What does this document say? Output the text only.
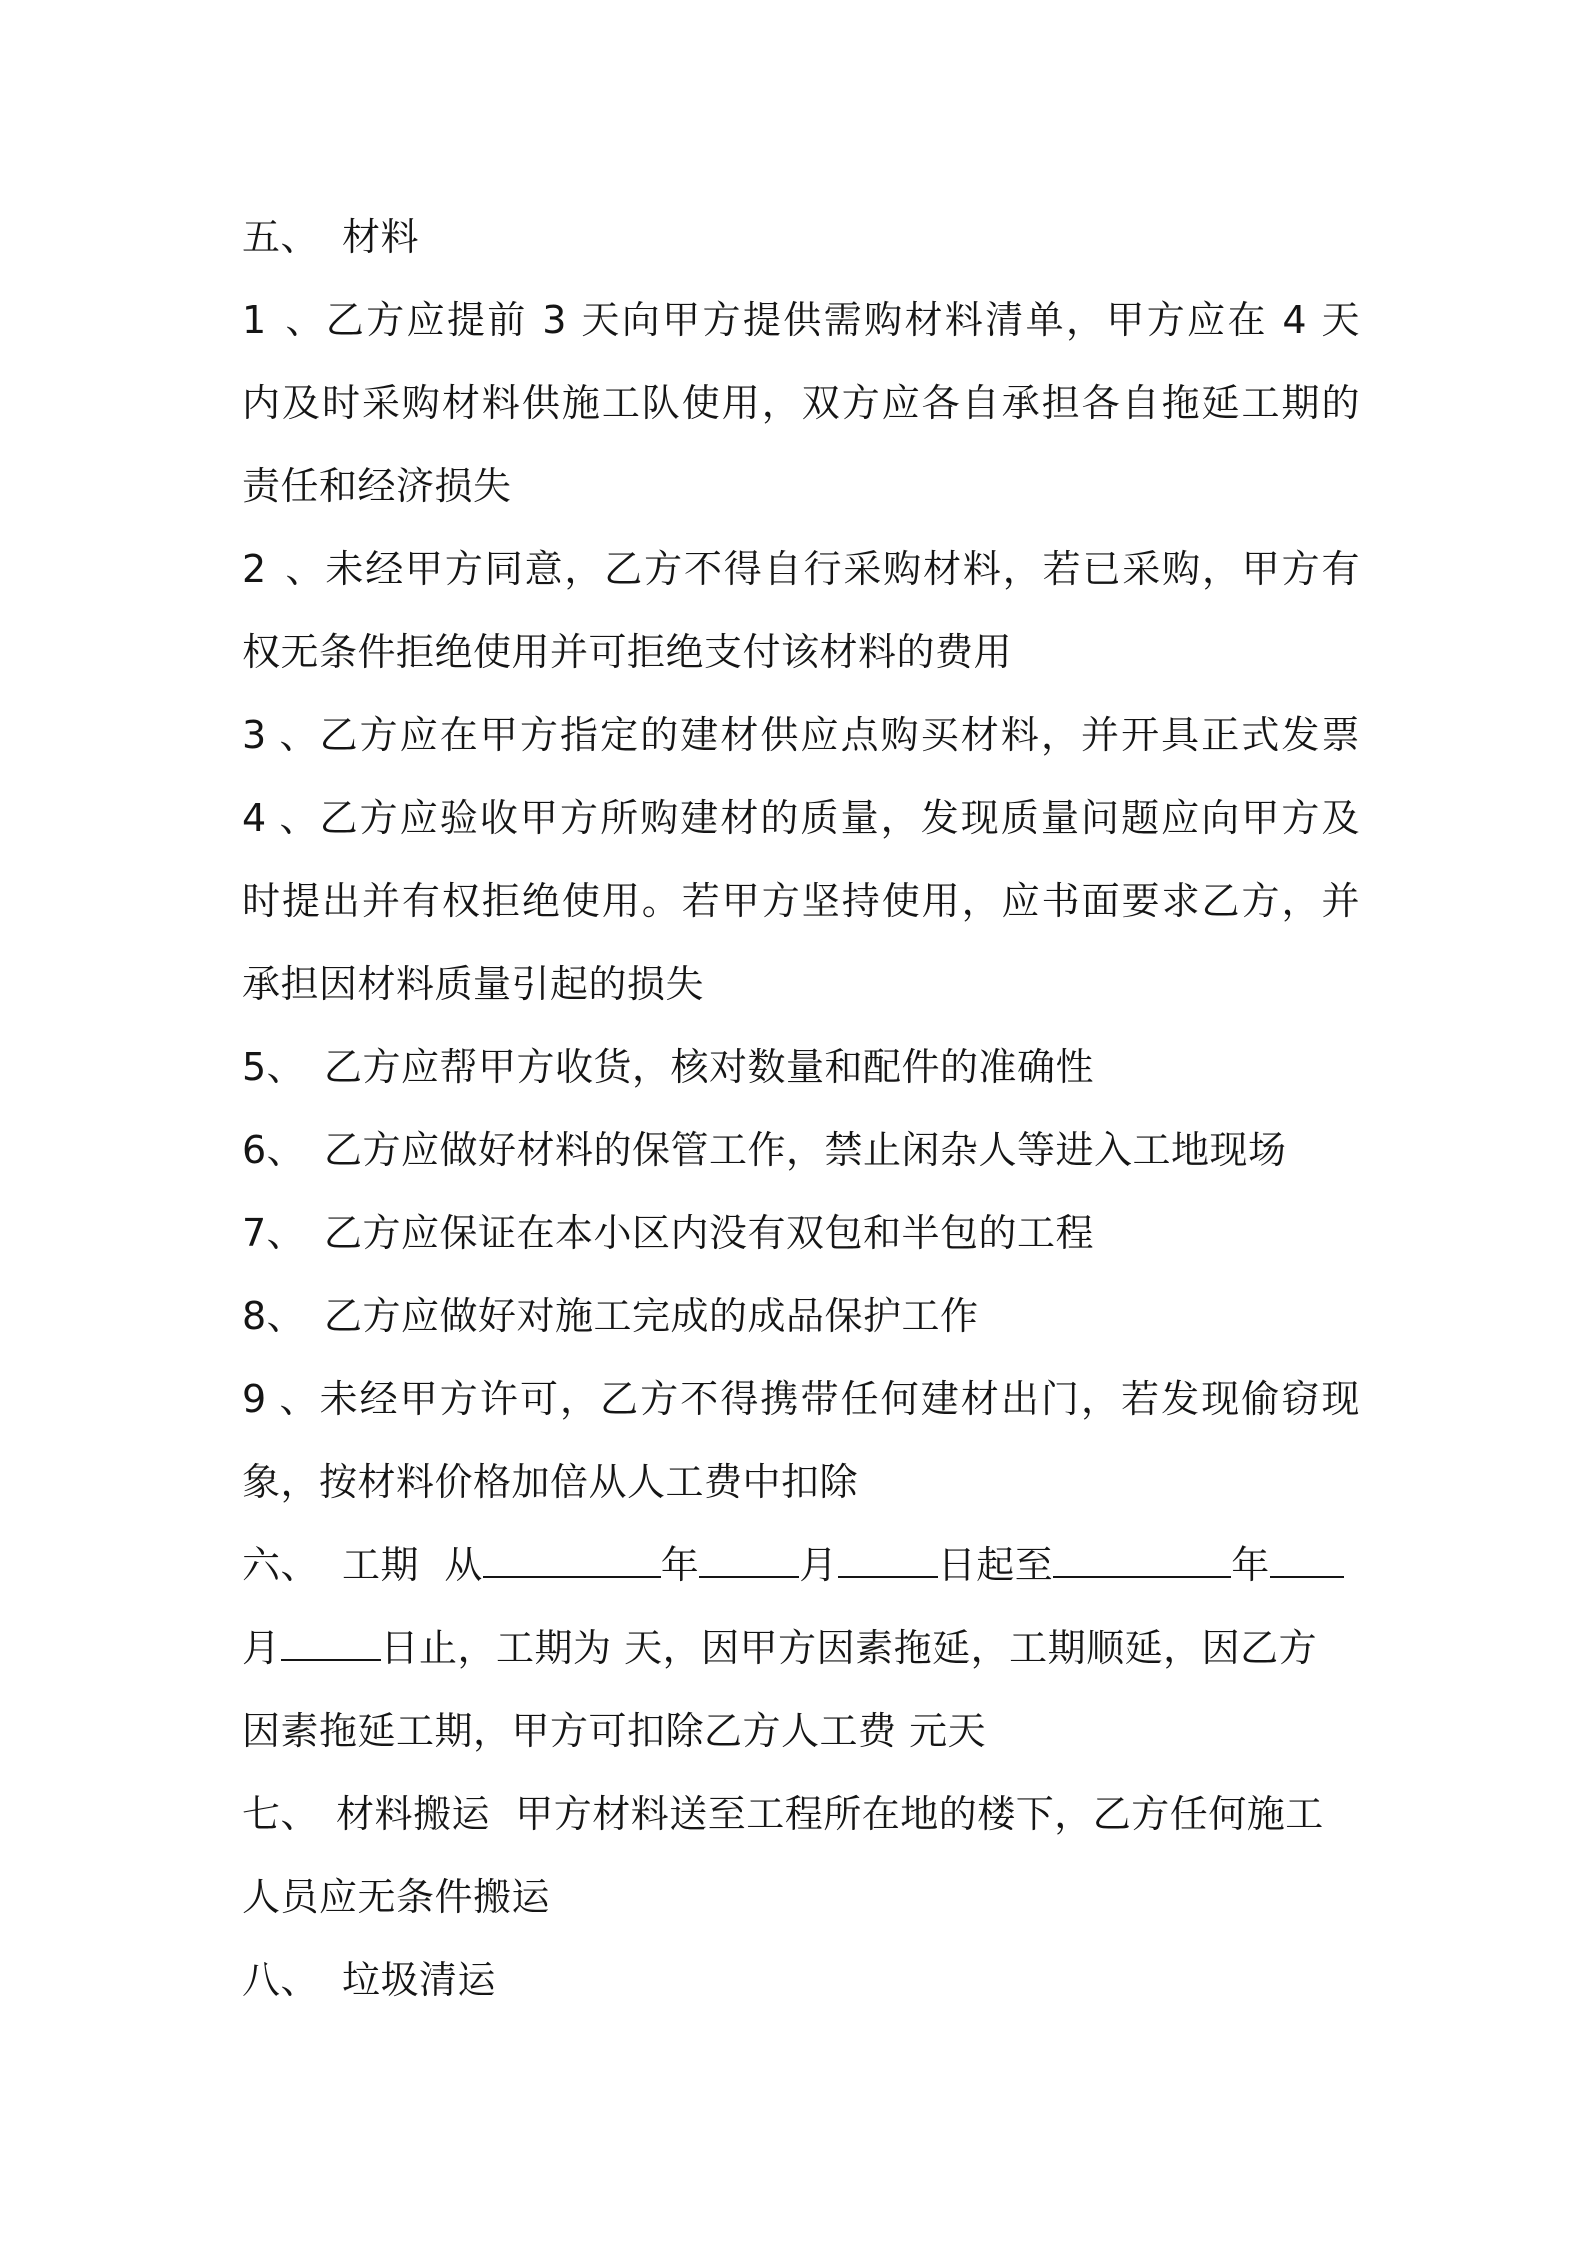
五、 材料
1、乙方应提前 3 天向甲方提供需购材料清单，甲方应在 4 天
内及时采购材料供施工队使用，双方应各自承担各自拖延工期的
责任和经济损失
2、未经甲方同意，乙方不得自行采购材料，若已采购，甲方有
权无条件拒绝使用并可拒绝支付该材料的费用
3、乙方应在甲方指定的建材供应点购买材料，并开具正式发票
4、乙方应验收甲方所购建材的质量，发现质量问题应向甲方及
时提出并有权拒绝使用。若甲方坚持使用，应书面要求乙方，并
承担因材料质量引起的损失
5、 乙方应帮甲方收货，核对数量和配件的准确性
6、 乙方应做好材料的保管工作，禁止闲杂人等进入工地现场
7、 乙方应保证在本小区内没有双包和半包的工程
8、 乙方应做好对施工完成的成品保护工作
9、未经甲方许可，乙方不得携带任何建材出门，若发现偷窃现
象，按材料价格加倍从人工费中扣除
六、 工期 从	年	月	日起至	年
月	日止，工期为 天，因甲方因素拖延，工期顺延，因乙方
因素拖延工期，甲方可扣除乙方人工费 元天
七、 材料搬运 甲方材料送至工程所在地的楼下，乙方任何施工
人员应无条件搬运
八、 垃圾清运
